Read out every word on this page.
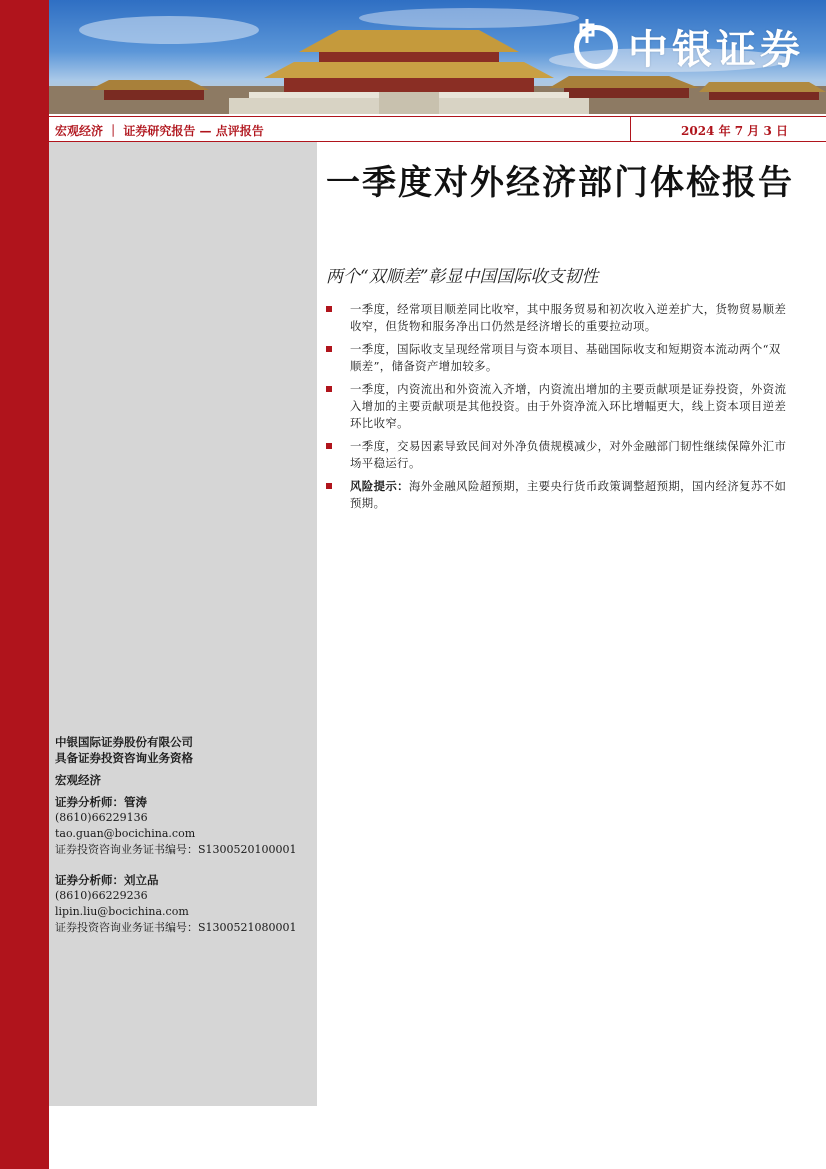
中银证券
宏观经济 ｜ 证券研究报告 — 点评报告	2024 年 7 月 3 日
中银国际证券股份有限公司
具备证券投资咨询业务资格
宏观经济
证券分析师：管涛
(8610)66229136
tao.guan@bocichina.com
证券投资咨询业务证书编号：S1300520100001
证券分析师：刘立品
(8610)66229236
lipin.liu@bocichina.com
证券投资咨询业务证书编号：S1300521080001
一季度对外经济部门体检报告
两个“双顺差”彰显中国国际收支韧性
一季度，经常项目顺差同比收窄，其中服务贸易和初次收入逆差扩大，货物贸易顺差收窄，但货物和服务净出口仍然是经济增长的重要拉动项。
一季度，国际收支呈现经常项目与资本项目、基础国际收支和短期资本流动两个“双顺差”，储备资产增加较多。
一季度，内资流出和外资流入齐增，内资流出增加的主要贡献项是证券投资，外资流入增加的主要贡献项是其他投资。由于外资净流入环比增幅更大，线上资本项目逆差环比收窄。
一季度，交易因素导致民间对外净负债规模减少，对外金融部门韧性继续保障外汇市场平稳运行。
风险提示：海外金融风险超预期，主要央行货币政策调整超预期，国内经济复苏不如预期。
